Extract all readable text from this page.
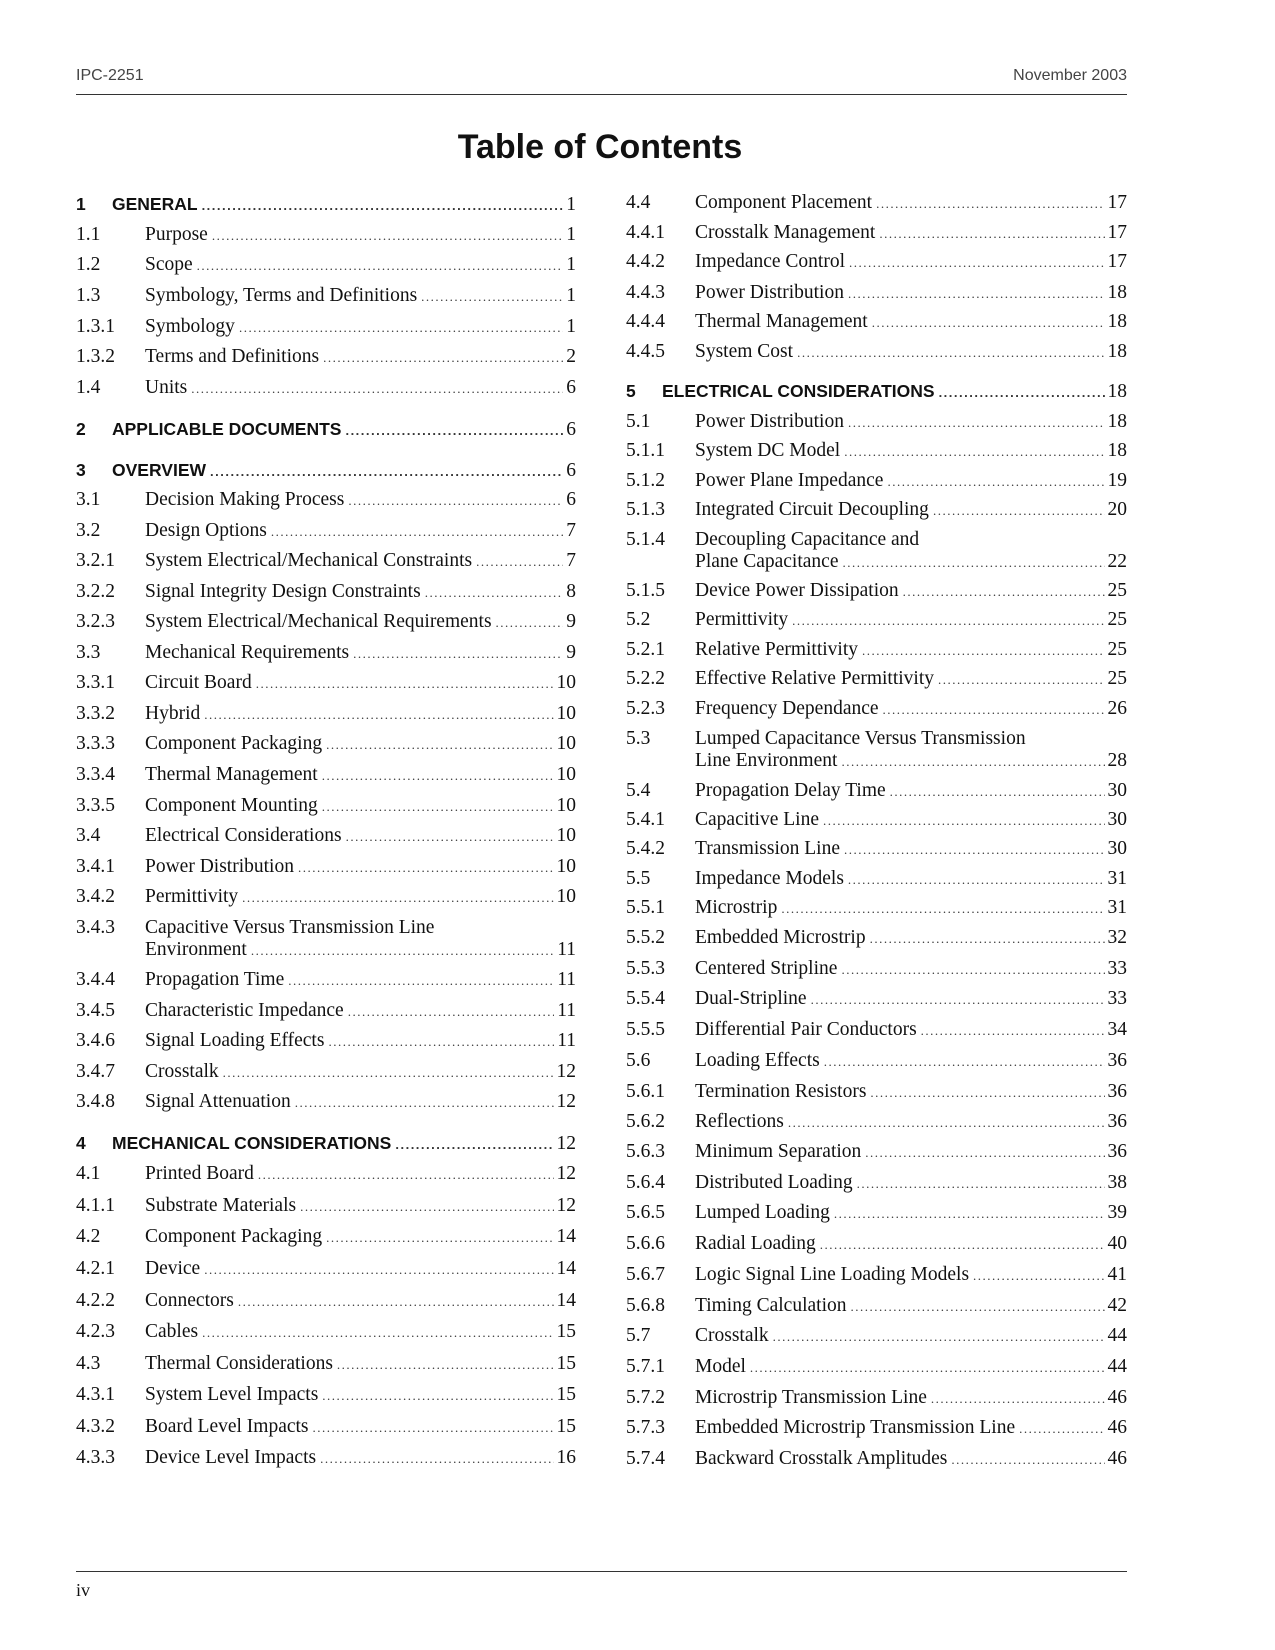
IPC-2251	November 2003
Table of Contents
1 GENERAL .....	1
1.1 Purpose .....	1
1.2 Scope .....	1
1.3 Symbology, Terms and Definitions .....	1
1.3.1 Symbology .....	1
1.3.2 Terms and Definitions .....	2
1.4 Units .....	6
2 APPLICABLE DOCUMENTS .....	6
3 OVERVIEW .....	6
3.1 Decision Making Process .....	6
3.2 Design Options .....	7
3.2.1 System Electrical/Mechanical Constraints .....	7
3.2.2 Signal Integrity Design Constraints .....	8
3.2.3 System Electrical/Mechanical Requirements .....	9
3.3 Mechanical Requirements .....	9
3.3.1 Circuit Board .....	10
3.3.2 Hybrid .....	10
3.3.3 Component Packaging .....	10
3.3.4 Thermal Management .....	10
3.3.5 Component Mounting .....	10
3.4 Electrical Considerations .....	10
3.4.1 Power Distribution .....	10
3.4.2 Permittivity .....	10
3.4.3 Capacitive Versus Transmission Line
Environment .....	11
3.4.4 Propagation Time .....	11
3.4.5 Characteristic Impedance .....	11
3.4.6 Signal Loading Effects .....	11
3.4.7 Crosstalk .....	12
3.4.8 Signal Attenuation .....	12
4 MECHANICAL CONSIDERATIONS .....	12
4.1 Printed Board .....	12
4.1.1 Substrate Materials .....	12
4.2 Component Packaging .....	14
4.2.1 Device .....	14
4.2.2 Connectors .....	14
4.2.3 Cables .....	15
4.3 Thermal Considerations .....	15
4.3.1 System Level Impacts .....	15
4.3.2 Board Level Impacts .....	15
4.3.3 Device Level Impacts .....	16
4.4 Component Placement .....	17
4.4.1 Crosstalk Management .....	17
4.4.2 Impedance Control .....	17
4.4.3 Power Distribution .....	18
4.4.4 Thermal Management .....	18
4.4.5 System Cost .....	18
5 ELECTRICAL CONSIDERATIONS .....	18
5.1 Power Distribution .....	18
5.1.1 System DC Model .....	18
5.1.2 Power Plane Impedance .....	19
5.1.3 Integrated Circuit Decoupling .....	20
5.1.4 Decoupling Capacitance and
Plane Capacitance .....	22
5.1.5 Device Power Dissipation .....	25
5.2 Permittivity .....	25
5.2.1 Relative Permittivity .....	25
5.2.2 Effective Relative Permittivity .....	25
5.2.3 Frequency Dependance .....	26
5.3 Lumped Capacitance Versus Transmission
Line Environment .....	28
5.4 Propagation Delay Time .....	30
5.4.1 Capacitive Line .....	30
5.4.2 Transmission Line .....	30
5.5 Impedance Models .....	31
5.5.1 Microstrip .....	31
5.5.2 Embedded Microstrip .....	32
5.5.3 Centered Stripline .....	33
5.5.4 Dual-Stripline .....	33
5.5.5 Differential Pair Conductors .....	34
5.6 Loading Effects .....	36
5.6.1 Termination Resistors .....	36
5.6.2 Reflections .....	36
5.6.3 Minimum Separation .....	36
5.6.4 Distributed Loading .....	38
5.6.5 Lumped Loading .....	39
5.6.6 Radial Loading .....	40
5.6.7 Logic Signal Line Loading Models .....	41
5.6.8 Timing Calculation .....	42
5.7 Crosstalk .....	44
5.7.1 Model .....	44
5.7.2 Microstrip Transmission Line .....	46
5.7.3 Embedded Microstrip Transmission Line .....	46
5.7.4 Backward Crosstalk Amplitudes .....	46
iv
